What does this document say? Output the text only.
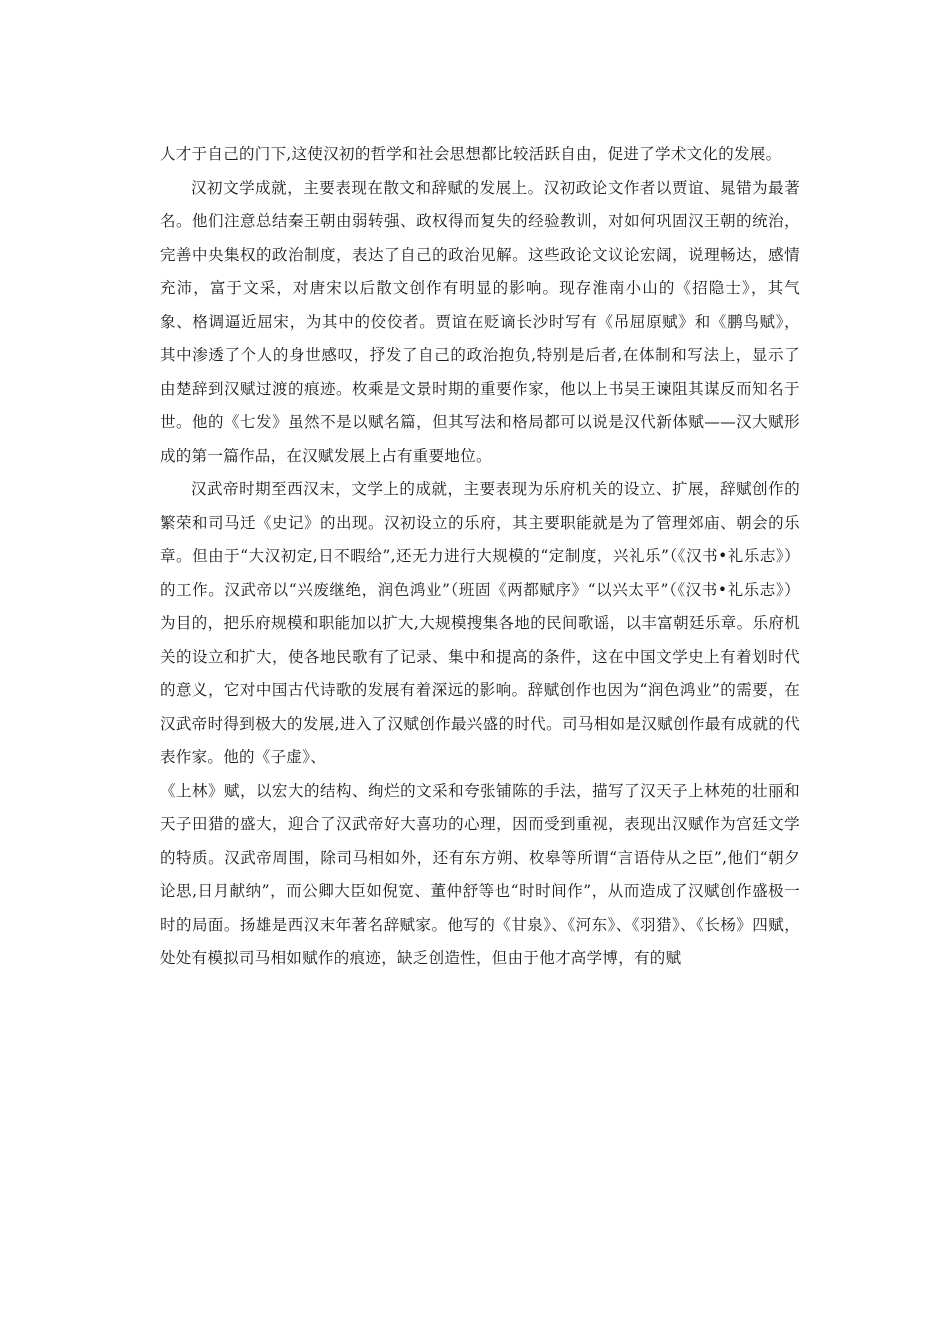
人才于自己的门下,这使汉初的哲学和社会思想都比较活跃自由，促进了学术文化的发展。

汉初文学成就，主要表现在散文和辞赋的发展上。汉初政论文作者以贾谊、晁错为最著名。他们注意总结秦王朝由弱转强、政权得而复失的经验教训，对如何巩固汉王朝的统治，完善中央集权的政治制度，表达了自己的政治见解。这些政论文议论宏阔，说理畅达，感情充沛，富于文采，对唐宋以后散文创作有明显的影响。现存淮南小山的《招隐士》，其气象、格调逼近屈宋，为其中的佼佼者。贾谊在贬谪长沙时写有《吊屈原赋》和《鹏鸟赋》，其中渗透了个人的身世感叹，抒发了自己的政治抱负,特别是后者,在体制和写法上，显示了由楚辞到汉赋过渡的痕迹。枚乘是文景时期的重要作家，他以上书吴王谏阻其谋反而知名于世。他的《七发》虽然不是以赋名篇，但其写法和格局都可以说是汉代新体赋——汉大赋形成的第一篇作品，在汉赋发展上占有重要地位。

汉武帝时期至西汉末，文学上的成就，主要表现为乐府机关的设立、扩展，辞赋创作的繁荣和司马迁《史记》的出现。汉初设立的乐府，其主要职能就是为了管理郊庙、朝会的乐章。但由于“大汉初定,日不暇给”,还无力进行大规模的“定制度，兴礼乐”（《汉书•礼乐志》）的工作。汉武帝以“兴废继绝，润色鸿业”（班固《两都赋序》“以兴太平”（《汉书•礼乐志》）为目的，把乐府规模和职能加以扩大,大规模搜集各地的民间歌谣，以丰富朝廷乐章。乐府机关的设立和扩大，使各地民歌有了记录、集中和提高的条件，这在中国文学史上有着划时代的意义，它对中国古代诗歌的发展有着深远的影响。辞赋创作也因为“润色鸿业”的需要，在汉武帝时得到极大的发展,进入了汉赋创作最兴盛的时代。司马相如是汉赋创作最有成就的代表作家。他的《子虚》、

《上林》赋，以宏大的结构、绚烂的文采和夸张铺陈的手法，描写了汉天子上林苑的壮丽和天子田猎的盛大，迎合了汉武帝好大喜功的心理，因而受到重视，表现出汉赋作为宫廷文学的特质。汉武帝周围，除司马相如外，还有东方朔、枚皋等所谓“言语侍从之臣”,他们“朝夕论思,日月献纳”，而公卿大臣如倪宽、董仲舒等也“时时间作”，从而造成了汉赋创作盛极一时的局面。扬雄是西汉末年著名辞赋家。他写的《甘泉》、《河东》、《羽猎》、《长杨》四赋，处处有模拟司马相如赋作的痕迹，缺乏创造性，但由于他才高学博，有的赋
